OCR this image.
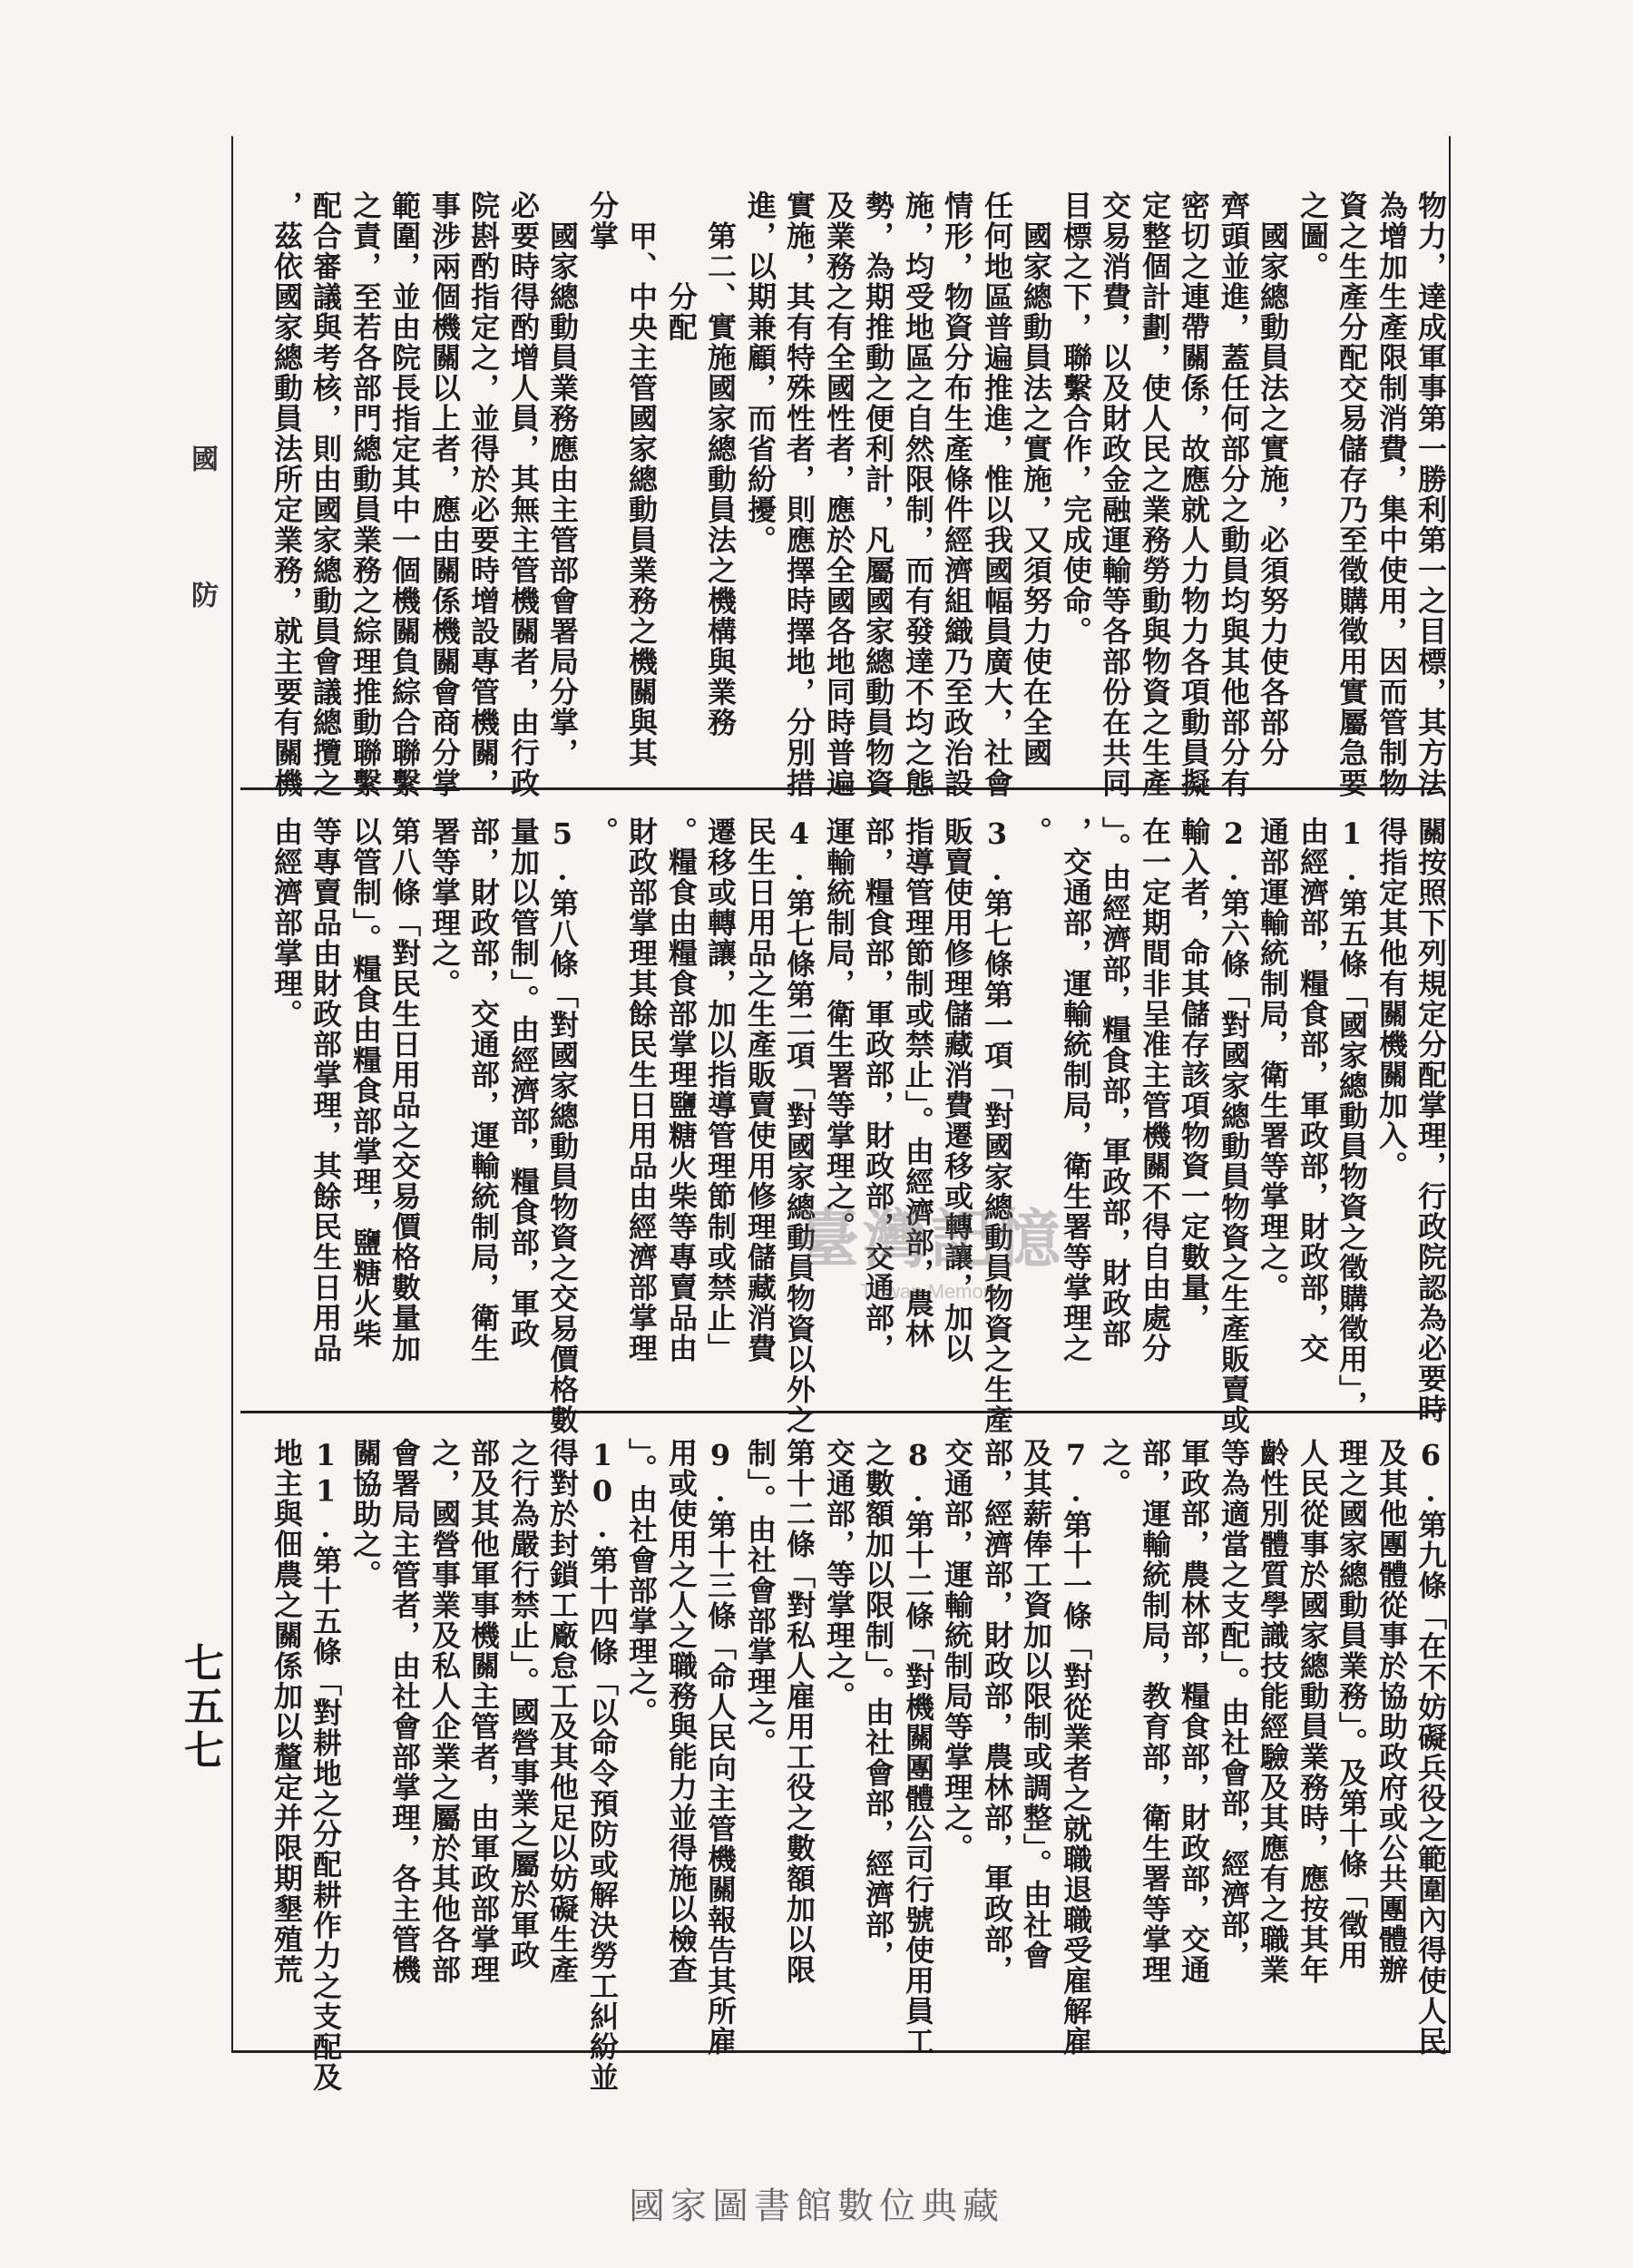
國
防
七五七
物力，達成軍事第一勝利第一之目標，其方法
為增加生產限制消費，集中使用，因而管制物
資之生產分配交易儲存乃至徵購徵用實屬急要
之圖。
　國家總動員法之實施，必須努力使各部分
齊頭並進，蓋任何部分之動員均與其他部分有
密切之連帶關係，故應就人力物力各項動員擬
定整個計劃，使人民之業務勞動與物資之生產
交易消費，以及財政金融運輸等各部份在共同
目標之下，聯繫合作，完成使命。
　國家總動員法之實施，又須努力使在全國
任何地區普遍推進，惟以我國幅員廣大，社會
情形，物資分布生產條件經濟組織乃至政治設
施，均受地區之自然限制，而有發達不均之態
勢，為期推動之便利計，凡屬國家總動員物資
及業務之有全國性者，應於全國各地同時普遍
實施，其有特殊性者，則應擇時擇地，分別措
進，以期兼顧，而省紛擾。
　第二、實施國家總動員法之機構與業務
　　　分配
　甲、中央主管國家總動員業務之機關與其
分掌
　國家總動員業務應由主管部會署局分掌，
必要時得酌增人員，其無主管機關者，由行政
院斟酌指定之，並得於必要時增設專管機關，
事涉兩個機關以上者，應由關係機關會商分掌
範圍，並由院長指定其中一個機關負綜合聯繫
之責，至若各部門總動員業務之綜理推動聯繫
配合審議與考核，則由國家總動員會議總攬之
，茲依國家總動員法所定業務，就主要有關機
關按照下列規定分配掌理，行政院認為必要時
得指定其他有關機關加入。
1.第五條「國家總動員物資之徵購徵用」，
由經濟部，糧食部，軍政部，財政部，交
通部運輸統制局，衛生署等掌理之。
2.第六條「對國家總動員物資之生產販賣或
輸入者，命其儲存該項物資一定數量，
在一定期間非呈准主管機關不得自由處分
」。由經濟部，糧食部，軍政部，財政部
，交通部，運輸統制局，衛生署等掌理之
。
3.第七條第一項「對國家總動員物資之生產
販賣使用修理儲藏消費遷移或轉讓，加以
指導管理節制或禁止」。由經濟部，農林
部，糧食部，軍政部，財政部，交通部，
運輸統制局，衛生署等掌理之。
4.第七條第二項「對國家總動員物資以外之
民生日用品之生產販賣使用修理儲藏消費
遷移或轉讓，加以指導管理節制或禁止」
。糧食由糧食部掌理鹽糖火柴等專賣品由
財政部掌理其餘民生日用品由經濟部掌理
。
5.第八條「對國家總動員物資之交易價格數
量加以管制」。由經濟部，糧食部，軍政
部，財政部，交通部，運輸統制局，衛生
署等掌理之。
第八條「對民生日用品之交易價格數量加
以管制」。糧食由糧食部掌理，鹽糖火柴
等專賣品由財政部掌理，其餘民生日用品
由經濟部掌理。
6.第九條「在不妨礙兵役之範圍內得使人民
及其他團體從事於協助政府或公共團體辦
理之國家總動員業務」。及第十條「徵用
人民從事於國家總動員業務時，應按其年
齡性別體質學識技能經驗及其應有之職業
等為適當之支配」。由社會部，經濟部，
軍政部，農林部，糧食部，財政部，交通
部，運輸統制局，教育部，衛生署等掌理
之。
7.第十一條「對從業者之就職退職受雇解雇
及其薪俸工資加以限制或調整」。由社會
部，經濟部，財政部，農林部，軍政部，
交通部，運輸統制局等掌理之。
8.第十二條「對機關團體公司行號使用員工
之數額加以限制」。由社會部，經濟部，
交通部，等掌理之。
第十二條「對私人雇用工役之數額加以限
制」。由社會部掌理之。
9.第十三條「命人民向主管機關報告其所雇
用或使用之人之職務與能力並得施以檢查
」。由社會部掌理之。
10.第十四條「以命令預防或解決勞工糾紛並
得對於封鎖工廠怠工及其他足以妨礙生產
之行為嚴行禁止」。國營事業之屬於軍政
部及其他軍事機關主管者，由軍政部掌理
之，國營事業及私人企業之屬於其他各部
會署局主管者，由社會部掌理，各主管機
關協助之。
11.第十五條「對耕地之分配耕作力之支配及
地主與佃農之關係加以釐定并限期墾殖荒
臺灣記憶
Taiwan Memory
國家圖書館數位典藏
